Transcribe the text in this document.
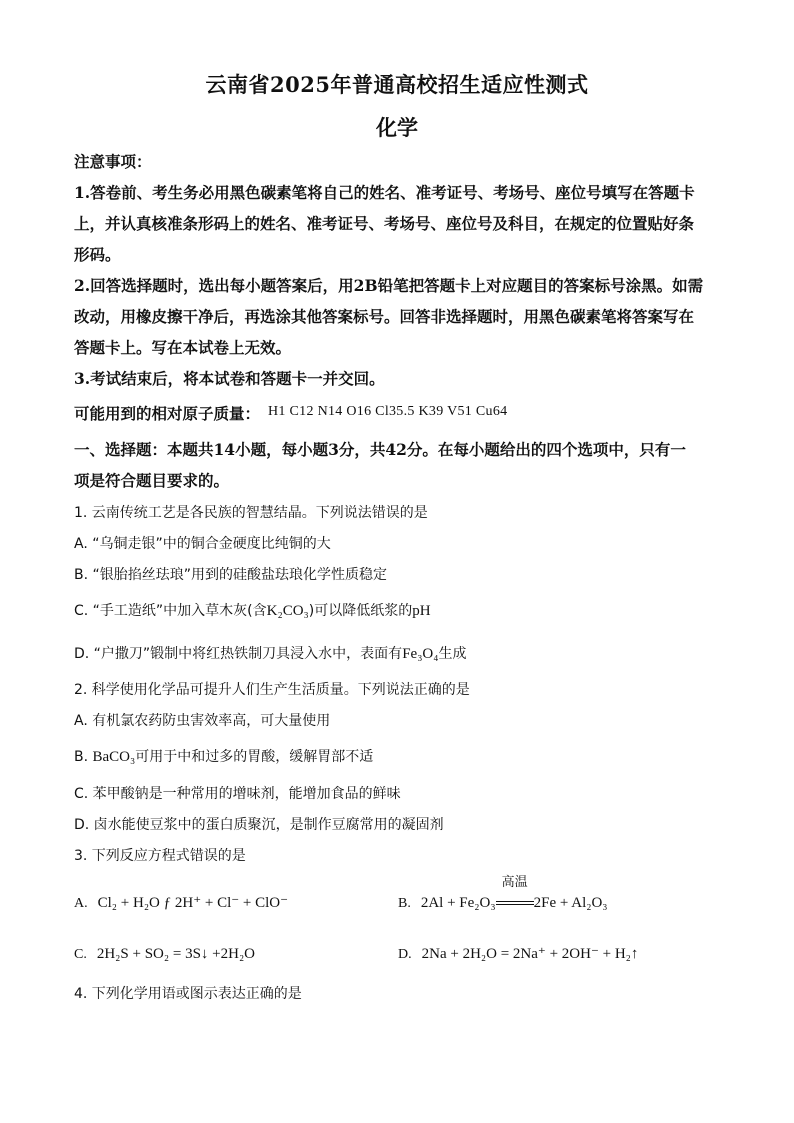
云南省2025年普通高校招生适应性测式
化学
注意事项：
1.答卷前、考生务必用黑色碳素笔将自己的姓名、准考证号、考场号、座位号填写在答题卡
上，并认真核准条形码上的姓名、准考证号、考场号、座位号及科目，在规定的位置贴好条
形码。
2.回答选择题时，选出每小题答案后，用2B铅笔把答题卡上对应题目的答案标号涂黑。如需
改动，用橡皮擦干净后，再选涂其他答案标号。回答非选择题时，用黑色碳素笔将答案写在
答题卡上。写在本试卷上无效。
3.考试结束后，将本试卷和答题卡一并交回。
可能用到的相对原子质量： H1 C12 N14 O16 Cl35.5 K39 V51 Cu64
一、选择题：本题共14小题，每小题3分，共42分。在每小题给出的四个选项中，只有一
项是符合题目要求的。
1. 云南传统工艺是各民族的智慧结晶。下列说法错误的是
A. “乌铜走银”中的铜合金硬度比纯铜的大
B. “银胎掐丝珐琅”用到的硅酸盐珐琅化学性质稳定
C. “手工造纸”中加入草木灰(含K₂CO₃)可以降低纸浆的pH
D. “户撒刀”锻制中将红热铁制刀具浸入水中，表面有Fe₃O₄生成
2. 科学使用化学品可提升人们生产生活质量。下列说法正确的是
A. 有机氯农药防虫害效率高，可大量使用
B. BaCO₃可用于中和过多的胃酸，缓解胃部不适
C. 苯甲酸钠是一种常用的增味剂，能增加食品的鲜味
D. 卤水能使豆浆中的蛋白质聚沉，是制作豆腐常用的凝固剂
3. 下列反应方程式错误的是
A. Cl₂ + H₂O ƒ 2H⁺ + Cl⁻ + ClO⁻	B. 2Al + Fe₂O₃
高温
2Fe + Al₂O₃
C. 2H₂S + SO₂ = 3S↓ +2H₂O	D. 2Na + 2H₂O = 2Na⁺ + 2OH⁻ + H₂↑
4. 下列化学用语或图示表达正确的是
